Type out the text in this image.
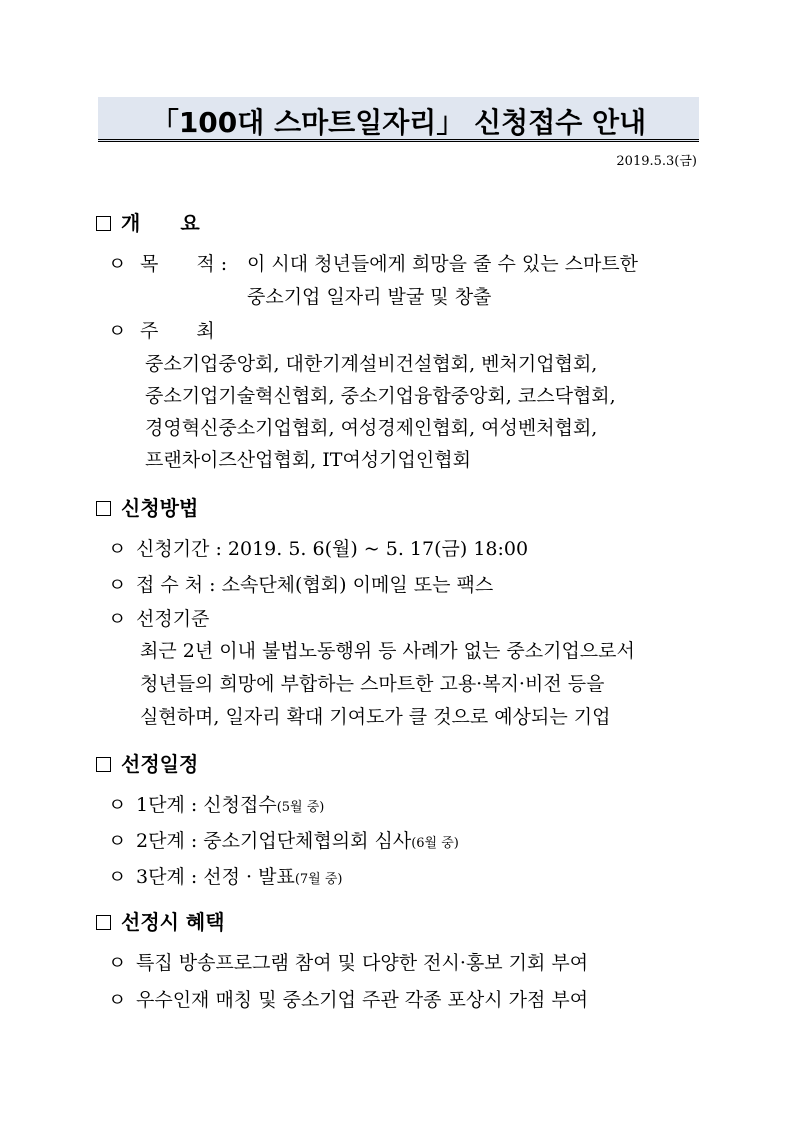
「100대 스마트일자리」 신청접수 안내
2019.5.3(금)
개　　요
ㅇ 목　　적 : 이 시대 청년들에게 희망을 줄 수 있는 스마트한
중소기업 일자리 발굴 및 창출
ㅇ 주　　최
중소기업중앙회, 대한기계설비건설협회, 벤처기업협회,
중소기업기술혁신협회, 중소기업융합중앙회, 코스닥협회,
경영혁신중소기업협회, 여성경제인협회, 여성벤처협회,
프랜차이즈산업협회, IT여성기업인협회
신청방법
ㅇ 신청기간 : 2019. 5. 6(월) ~ 5. 17(금) 18:00
ㅇ 접 수 처 : 소속단체(협회) 이메일 또는 팩스
ㅇ 선정기준
최근 2년 이내 불법노동행위 등 사례가 없는 중소기업으로서
청년들의 희망에 부합하는 스마트한 고용·복지·비전 등을
실현하며, 일자리 확대 기여도가 클 것으로 예상되는 기업
선정일정
ㅇ 1단계 : 신청접수(5월 중)
ㅇ 2단계 : 중소기업단체협의회 심사(6월 중)
ㅇ 3단계 : 선정 · 발표(7월 중)
선정시 혜택
ㅇ 특집 방송프로그램 참여 및 다양한 전시·홍보 기회 부여
ㅇ 우수인재 매칭 및 중소기업 주관 각종 포상시 가점 부여
